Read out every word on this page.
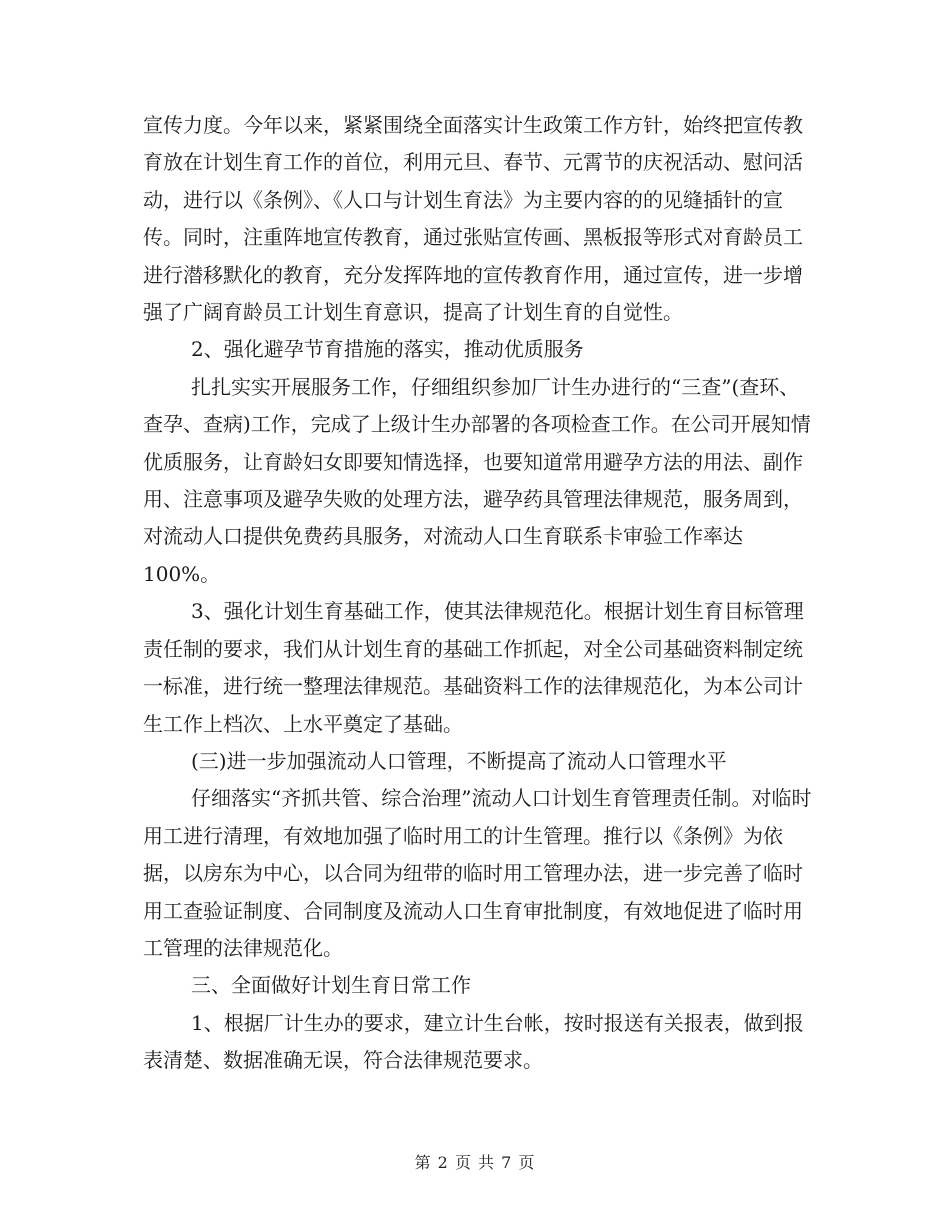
宣传力度。今年以来，紧紧围绕全面落实计生政策工作方针，始终把宣传教育放在计划生育工作的首位，利用元旦、春节、元霄节的庆祝活动、慰问活动，进行以《条例》、《人口与计划生育法》为主要内容的的见缝插针的宣传。同时，注重阵地宣传教育，通过张贴宣传画、黑板报等形式对育龄员工进行潜移默化的教育，充分发挥阵地的宣传教育作用，通过宣传，进一步增强了广阔育龄员工计划生育意识，提高了计划生育的自觉性。

2、强化避孕节育措施的落实，推动优质服务

扎扎实实开展服务工作，仔细组织参加厂计生办进行的“三查”(查环、查孕、查病)工作，完成了上级计生办部署的各项检查工作。在公司开展知情优质服务，让育龄妇女即要知情选择，也要知道常用避孕方法的用法、副作用、注意事项及避孕失败的处理方法，避孕药具管理法律规范，服务周到，对流动人口提供免费药具服务，对流动人口生育联系卡审验工作率达100%。

3、强化计划生育基础工作，使其法律规范化。根据计划生育目标管理责任制的要求，我们从计划生育的基础工作抓起，对全公司基础资料制定统一标准，进行统一整理法律规范。基础资料工作的法律规范化，为本公司计生工作上档次、上水平奠定了基础。

(三)进一步加强流动人口管理，不断提高了流动人口管理水平

仔细落实“齐抓共管、综合治理”流动人口计划生育管理责任制。对临时用工进行清理，有效地加强了临时用工的计生管理。推行以《条例》为依据，以房东为中心，以合同为纽带的临时用工管理办法，进一步完善了临时用工查验证制度、合同制度及流动人口生育审批制度，有效地促进了临时用工管理的法律规范化。

三、全面做好计划生育日常工作

1、根据厂计生办的要求，建立计生台帐，按时报送有关报表，做到报表清楚、数据准确无误，符合法律规范要求。

第 2 页 共 7 页
